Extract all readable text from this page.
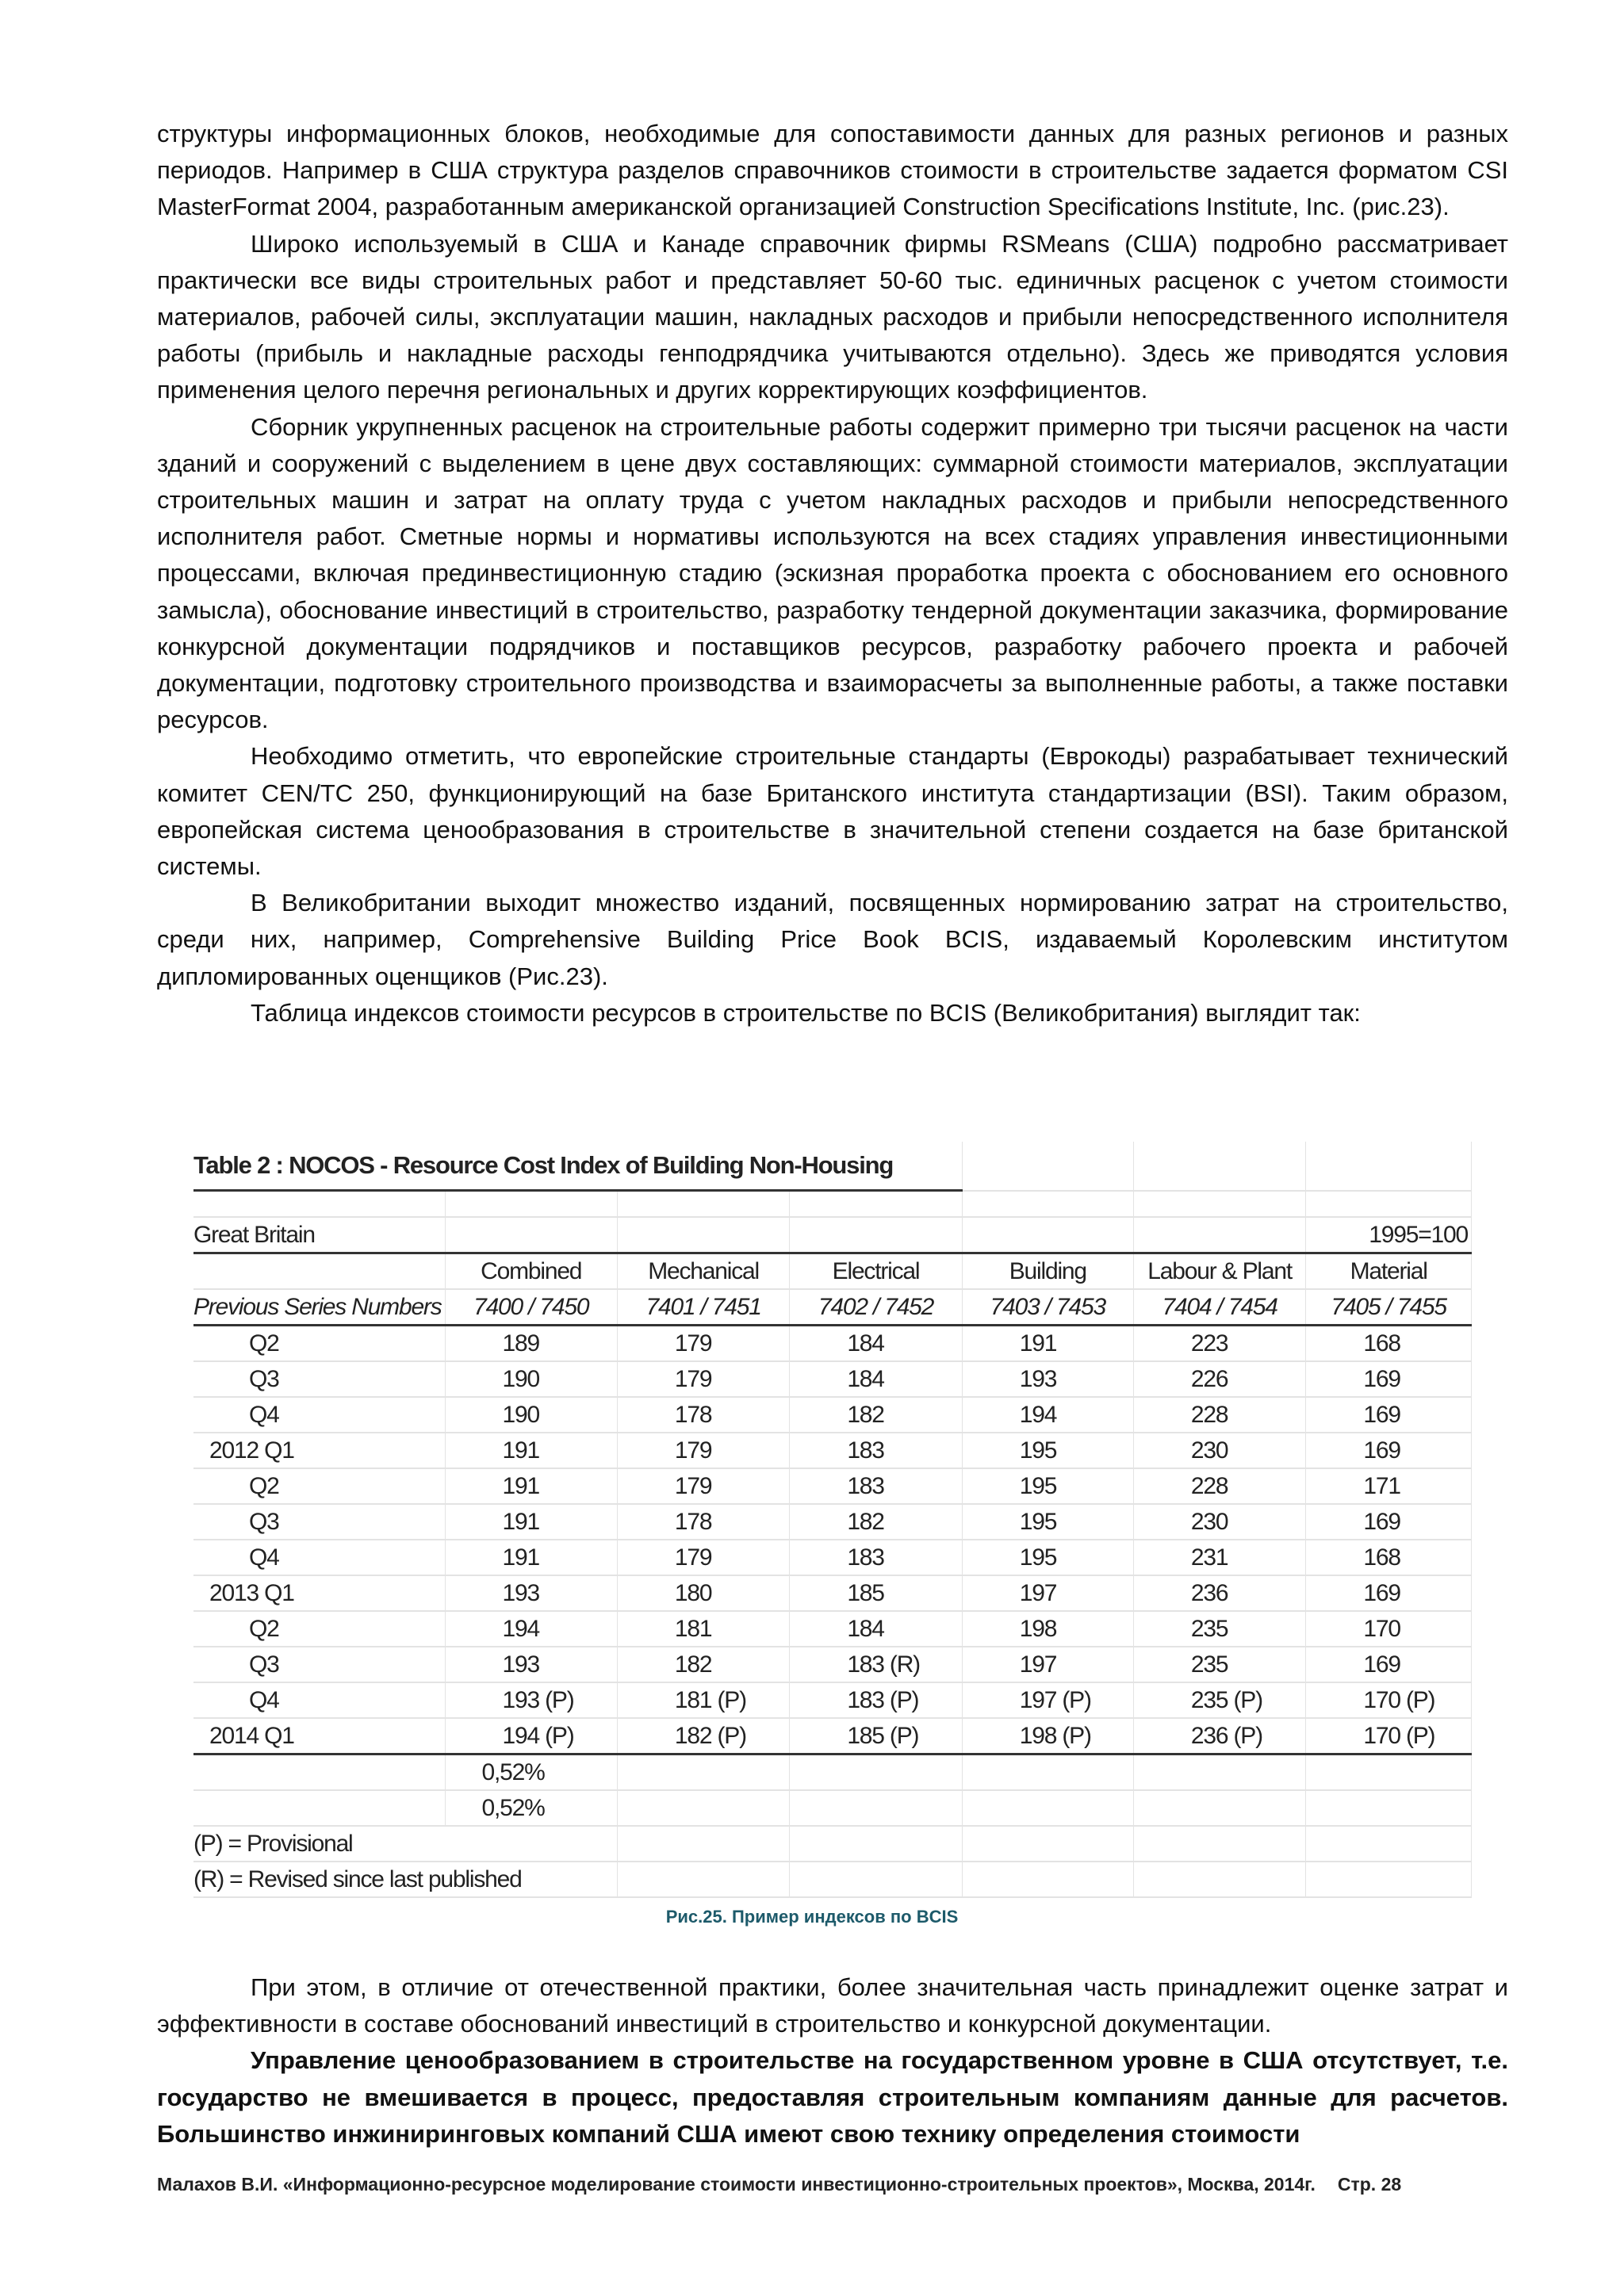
структуры информационных блоков, необходимые для сопоставимости данных для разных регионов и разных периодов. Например в США структура разделов справочников стоимости в строительстве задается форматом CSI MasterFormat 2004, разработанным американской организацией Construction Specifications Institute, Inc. (рис.23).

Широко используемый в США и Канаде справочник фирмы RSMeans (США) подробно рассматривает практически все виды строительных работ и представляет 50-60 тыс. единичных расценок с учетом стоимости материалов, рабочей силы, эксплуатации машин, накладных расходов и прибыли непосредственного исполнителя работы (прибыль и накладные расходы генподрядчика учитываются отдельно). Здесь же приводятся условия применения целого перечня региональных и других корректирующих коэффициентов.

Сборник укрупненных расценок на строительные работы содержит примерно три тысячи расценок на части зданий и сооружений с выделением в цене двух составляющих: суммарной стоимости материалов, эксплуатации строительных машин и затрат на оплату труда с учетом накладных расходов и прибыли непосредственного исполнителя работ. Сметные нормы и нормативы используются на всех стадиях управления инвестиционными процессами, включая прединвестиционную стадию (эскизная проработка проекта с обоснованием его основного замысла), обоснование инвестиций в строительство, разработку тендерной документации заказчика, формирование конкурсной документации подрядчиков и поставщиков ресурсов, разработку рабочего проекта и рабочей документации, подготовку строительного производства и взаиморасчеты за выполненные работы, а также поставки ресурсов.

Необходимо отметить, что европейские строительные стандарты (Еврокоды) разрабатывает технический комитет CEN/TC 250, функционирующий на базе Британского института стандартизации (BSI). Таким образом, европейская система ценообразования в строительстве в значительной степени создается на базе британской системы.

В Великобритании выходит множество изданий, посвященных нормированию затрат на строительство, среди них, например, Comprehensive Building Price Book BCIS, издаваемый Королевским институтом дипломированных оценщиков (Рис.23).

Таблица индексов стоимости ресурсов в строительстве по BCIS (Великобритания) выглядит так:

Table 2 : NOCOS - Resource Cost Index of Building Non-Housing						

Great Britain						1995=100
	Combined	Mechanical	Electrical	Building	Labour & Plant	Material
Previous Series Numbers	7400 / 7450	7401 / 7451	7402 / 7452	7403 / 7453	7404 / 7454	7405 / 7455
Q2	189	179	184	191	223	168
Q3	190	179	184	193	226	169
Q4	190	178	182	194	228	169
2012 Q1	191	179	183	195	230	169
Q2	191	179	183	195	228	171
Q3	191	178	182	195	230	169
Q4	191	179	183	195	231	168
2013 Q1	193	180	185	197	236	169
Q2	194	181	184	198	235	170
Q3	193	182	183 (R)	197	235	169
Q4	193 (P)	181 (P)	183 (P)	197 (P)	235 (P)	170 (P)
2014 Q1	194 (P)	182 (P)	185 (P)	198 (P)	236 (P)	170 (P)
	0,52%					
	0,52%					
(P) = Provisional						
(R) = Revised since last published						
Рис.25. Пример индексов по BCIS

При этом, в отличие от отечественной практики, более значительная часть принадлежит оценке затрат и эффективности в составе обоснований инвестиций в строительство и конкурсной документации.

Управление ценообразованием в строительстве на государственном уровне в США отсутствует, т.е. государство не вмешивается в процесс, предоставляя строительным компаниям данные для расчетов. Большинство инжиниринговых компаний США имеют свою технику определения стоимости

Малахов В.И. «Информационно-ресурсное моделирование стоимости инвестиционно-строительных проектов», Москва, 2014г. Стр. 28
